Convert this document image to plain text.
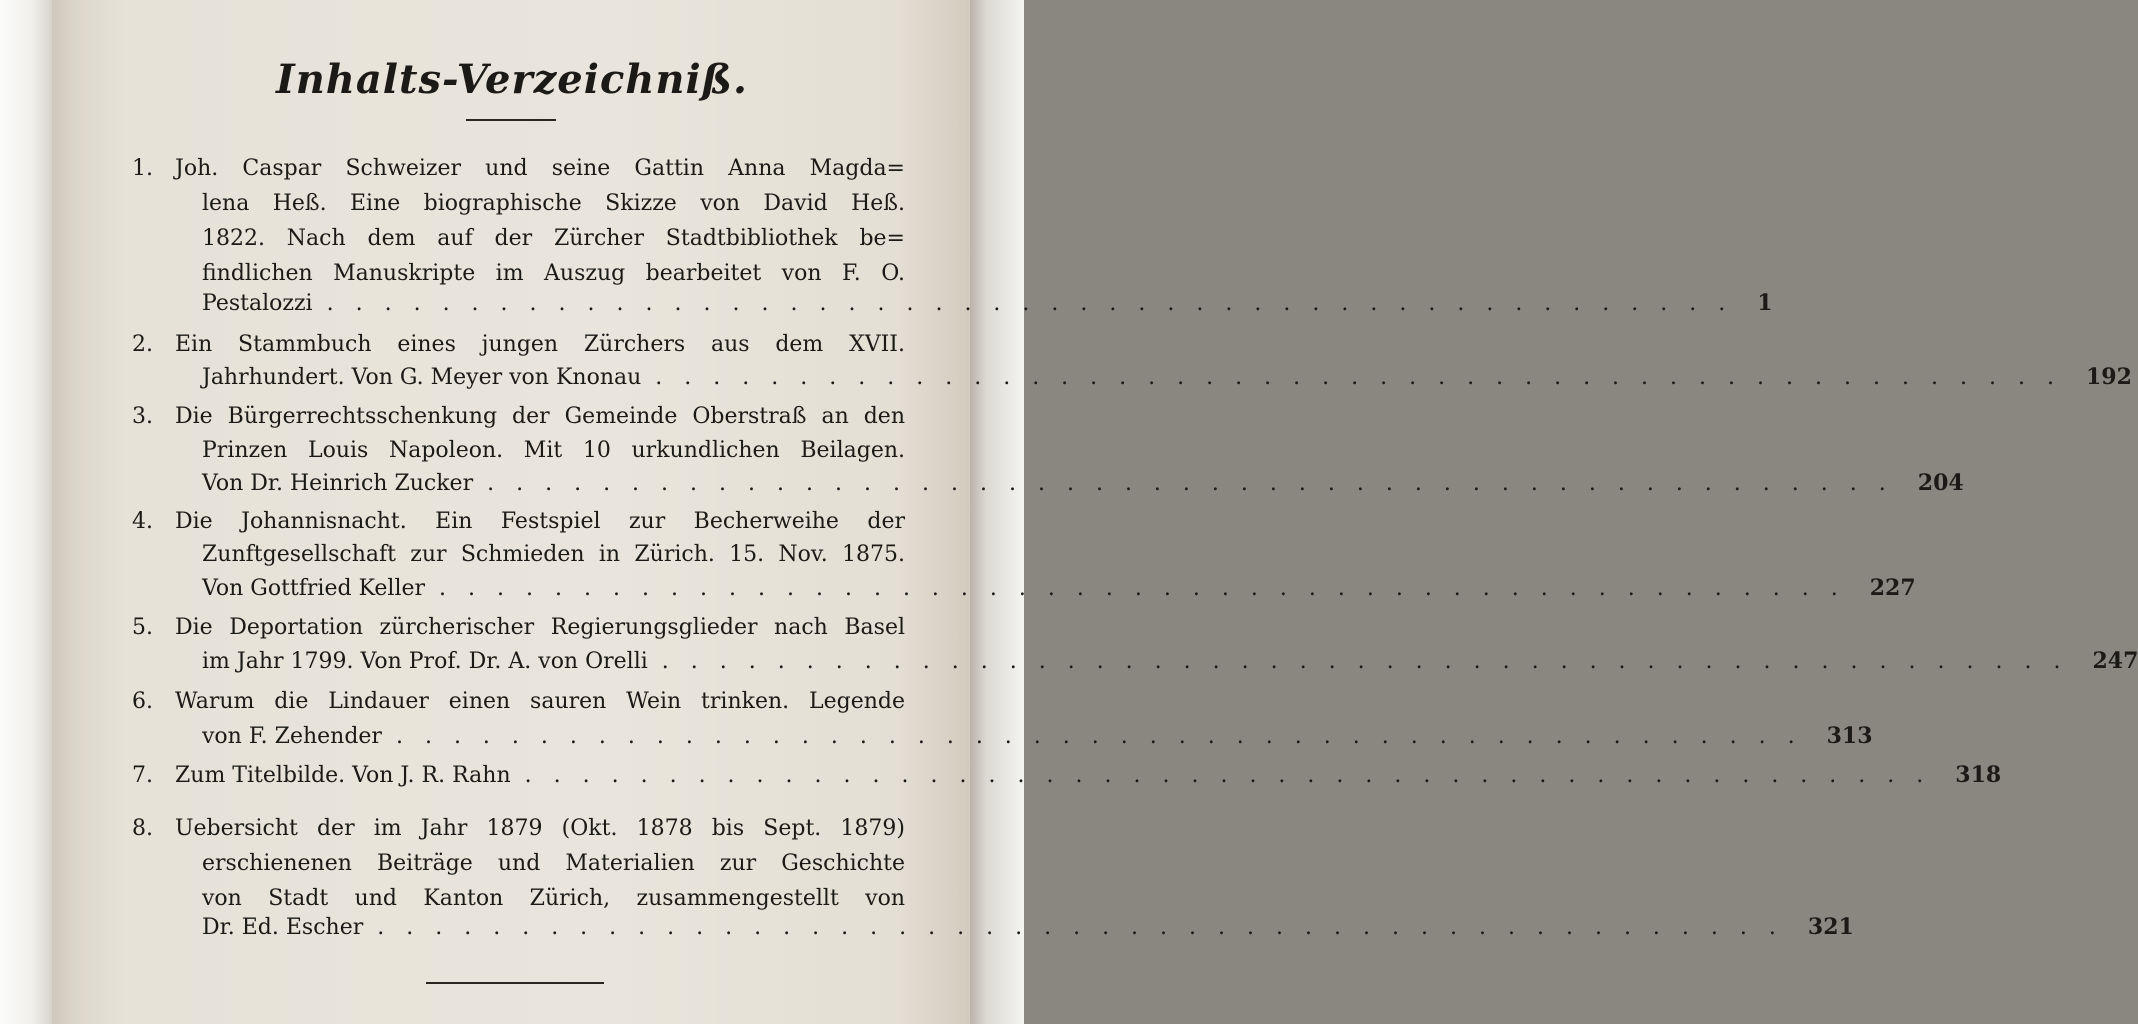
Inhalts-Verzeichniß.
1.	Joh. Caspar Schweizer und seine Gattin Anna Magda=
lena Heß. Eine biographische Skizze von David Heß.
1822. Nach dem auf der Zürcher Stadtbibliothek be=
findlichen Manuskripte im Auszug bearbeitet von F. O.
Pestalozzi ................................................. 1
2.	Ein Stammbuch eines jungen Zürchers aus dem XVII.
Jahrhundert. Von G. Meyer von Knonau ................................................. 192
3.	Die Bürgerrechtsschenkung der Gemeinde Oberstraß an den
Prinzen Louis Napoleon. Mit 10 urkundlichen Beilagen.
Von Dr. Heinrich Zucker ................................................. 204
4.	Die Johannisnacht. Ein Festspiel zur Becherweihe der
Zunftgesellschaft zur Schmieden in Zürich. 15. Nov. 1875.
Von Gottfried Keller ................................................. 227
5.	Die Deportation zürcherischer Regierungsglieder nach Basel
im Jahr 1799. Von Prof. Dr. A. von Orelli ................................................. 247
6.	Warum die Lindauer einen sauren Wein trinken. Legende
von F. Zehender ................................................. 313
7.	Zum Titelbilde. Von J. R. Rahn ................................................. 318
8.	Uebersicht der im Jahr 1879 (Okt. 1878 bis Sept. 1879)
erschienenen Beiträge und Materialien zur Geschichte
von Stadt und Kanton Zürich, zusammengestellt von
Dr. Ed. Escher ................................................. 321
